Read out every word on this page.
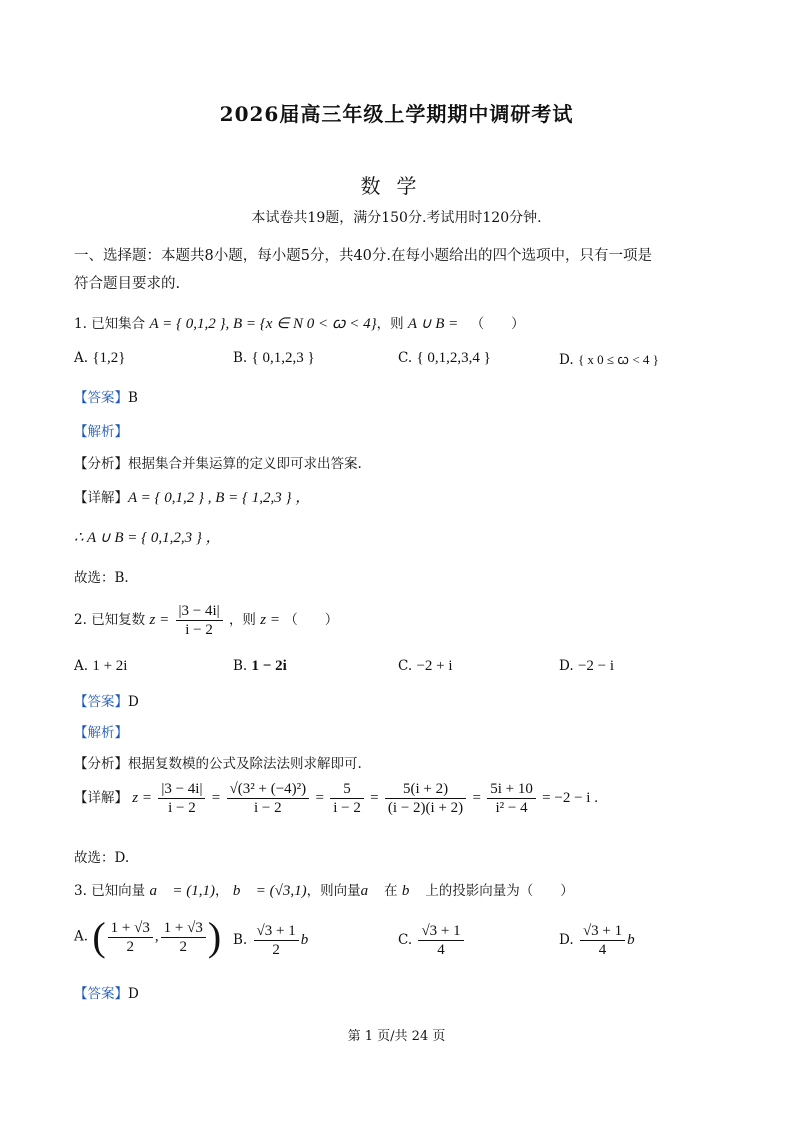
2026届高三年级上学期期中调研考试
数学
本试卷共19题，满分150分.考试用时120分钟.
一、选择题：本题共8小题，每小题5分，共40分.在每小题给出的四个选项中，只有一项是
符合题目要求的.
1. 已知集合 A = { 0,1,2 }, B = {x ∈ N 0 < ꞷ < 4}，则 A ∪ B = （　　）
A. {1,2}	B. { 0,1,2,3 }	C. { 0,1,2,3,4 }	D. { x 0 ≤ ꞷ < 4 }
【答案】B
【解析】
【分析】根据集合并集运算的定义即可求出答案.
【详解】A = { 0,1,2 } , B = { 1,2,3 } ，
∴ A ∪ B = { 0,1,2,3 } ，
故选：B.
2. 已知复数 $z = \frac{|3 - 4i|}{i - 2}$ ，则 z = （　　）
A. 1 + 2i	B. 1 − 2i	C. −2 + i	D. −2 − i
【答案】D
【解析】
【分析】根据复数模的公式及除法法则求解即可.
【详解】 $z = \frac{|3 - 4i|}{i - 2} = \frac{\text{√(3² + (−4)²)}}{i - 2} = \frac{5}{i - 2} = \frac{5(i + 2)}{(i - 2)(i + 2)} = \frac{5i + 10}{\text{i² − 4}} = -2 - i$ .
故选：D.
3. 已知向量 a⃗ = (1,1)， b⃗ = (√3,1)，则向量a⃗ 在 b⃗ 上的投影向量为（　　）
A. ( $\frac{1 + √3}{2}$ , $\frac{1 + √3}{2}$ ) B. $\frac{√3 + 1}{2}$ b⃗	C. $\frac{√3 + 1}{4}$	D. $\frac{√3 + 1}{4}$ b⃗
【答案】D
第 1 页/共 24 页
